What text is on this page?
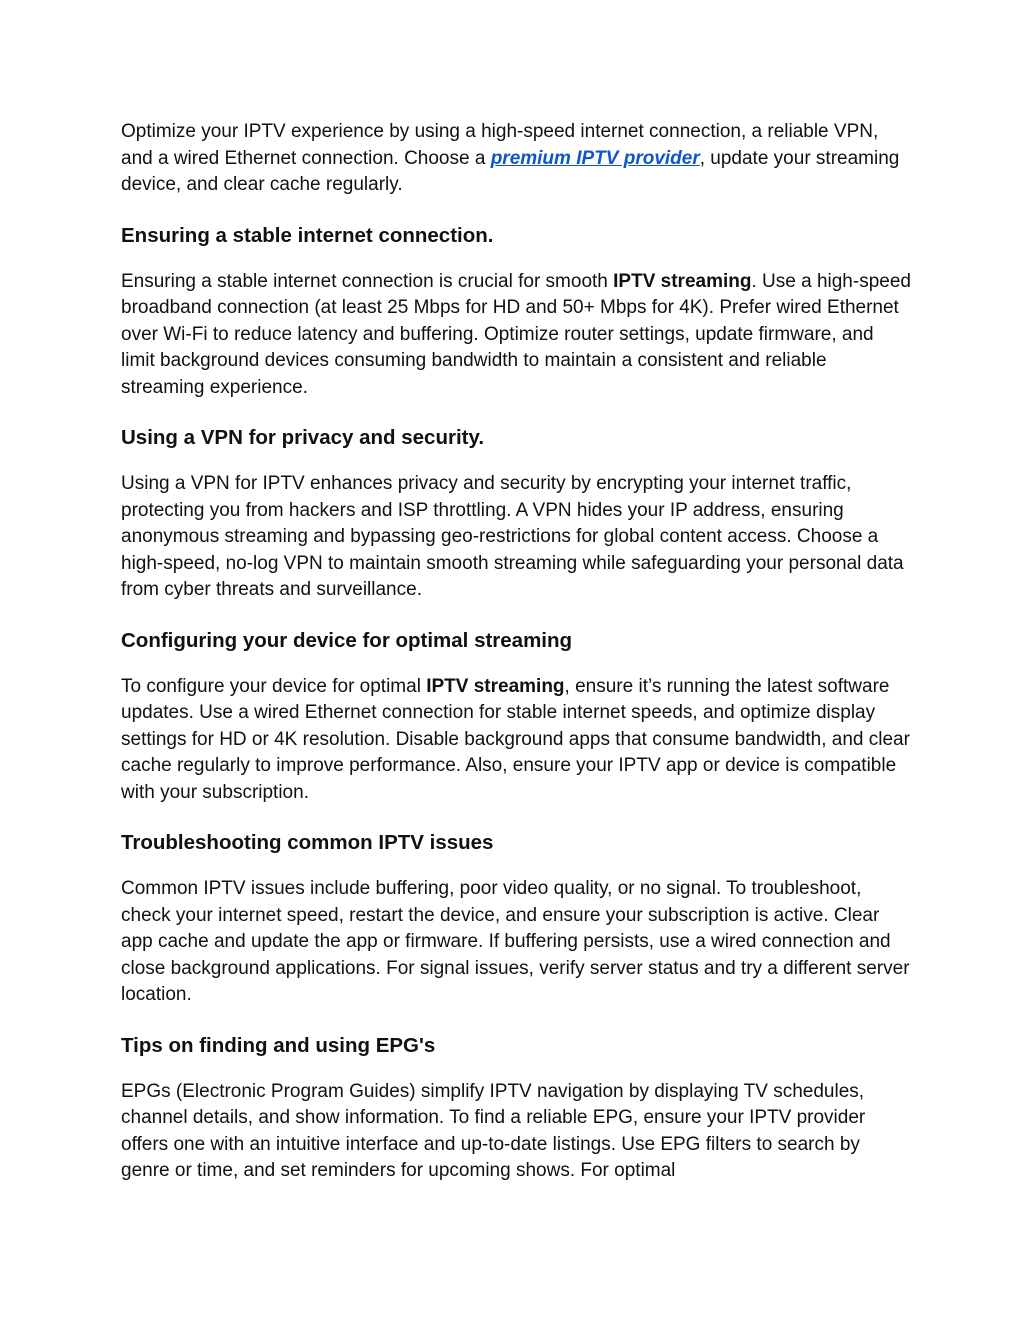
Optimize your IPTV experience by using a high-speed internet connection, a reliable VPN, and a wired Ethernet connection. Choose a premium IPTV provider, update your streaming device, and clear cache regularly.

Ensuring a stable internet connection.

Ensuring a stable internet connection is crucial for smooth IPTV streaming. Use a high-speed broadband connection (at least 25 Mbps for HD and 50+ Mbps for 4K). Prefer wired Ethernet over Wi-Fi to reduce latency and buffering. Optimize router settings, update firmware, and limit background devices consuming bandwidth to maintain a consistent and reliable streaming experience.

Using a VPN for privacy and security.

Using a VPN for IPTV enhances privacy and security by encrypting your internet traffic, protecting you from hackers and ISP throttling. A VPN hides your IP address, ensuring anonymous streaming and bypassing geo-restrictions for global content access. Choose a high-speed, no-log VPN to maintain smooth streaming while safeguarding your personal data from cyber threats and surveillance.

Configuring your device for optimal streaming

To configure your device for optimal IPTV streaming, ensure it’s running the latest software updates. Use a wired Ethernet connection for stable internet speeds, and optimize display settings for HD or 4K resolution. Disable background apps that consume bandwidth, and clear cache regularly to improve performance. Also, ensure your IPTV app or device is compatible with your subscription.

Troubleshooting common IPTV issues

Common IPTV issues include buffering, poor video quality, or no signal. To troubleshoot, check your internet speed, restart the device, and ensure your subscription is active. Clear app cache and update the app or firmware. If buffering persists, use a wired connection and close background applications. For signal issues, verify server status and try a different server location.

Tips on finding and using EPG's

EPGs (Electronic Program Guides) simplify IPTV navigation by displaying TV schedules, channel details, and show information. To find a reliable EPG, ensure your IPTV provider offers one with an intuitive interface and up-to-date listings. Use EPG filters to search by genre or time, and set reminders for upcoming shows. For optimal
